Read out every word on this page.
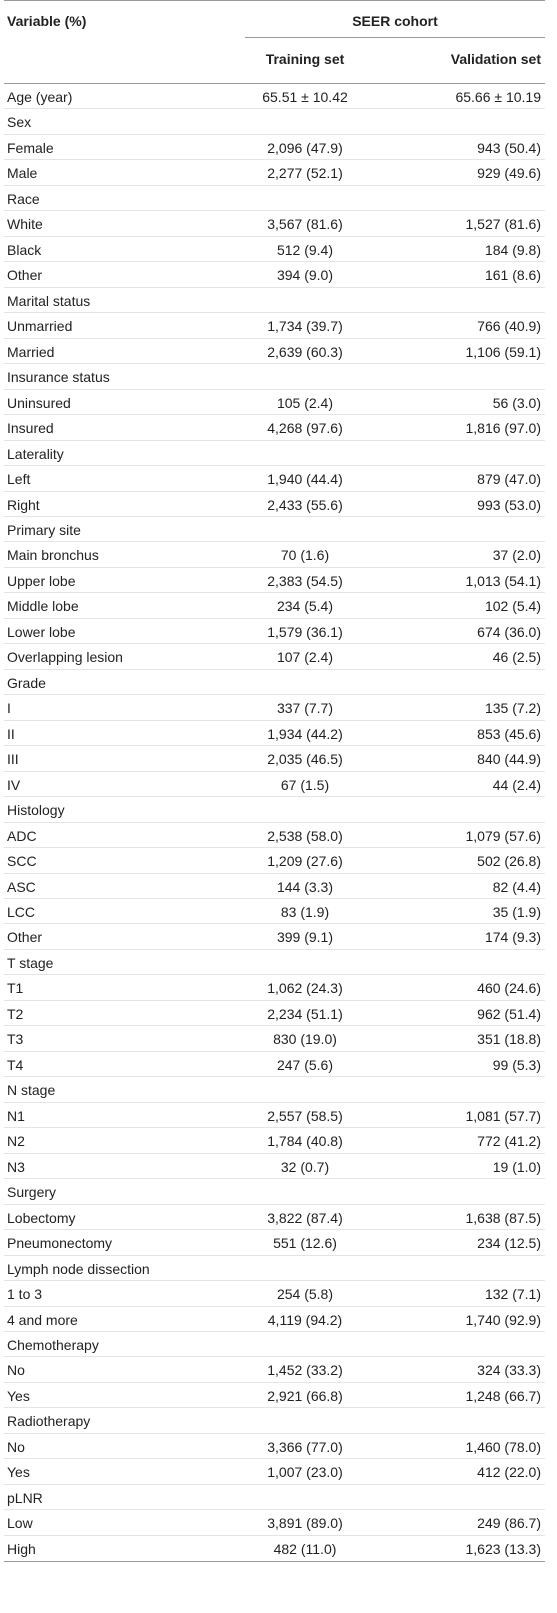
Variable (%)	SEER cohort
Training set	Validation set
Age (year)	65.51 ± 10.42	65.66 ± 10.19
Sex
Female	2,096 (47.9)	943 (50.4)
Male	2,277 (52.1)	929 (49.6)
Race
White	3,567 (81.6)	1,527 (81.6)
Black	512 (9.4)	184 (9.8)
Other	394 (9.0)	161 (8.6)
Marital status
Unmarried	1,734 (39.7)	766 (40.9)
Married	2,639 (60.3)	1,106 (59.1)
Insurance status
Uninsured	105 (2.4)	56 (3.0)
Insured	4,268 (97.6)	1,816 (97.0)
Laterality
Left	1,940 (44.4)	879 (47.0)
Right	2,433 (55.6)	993 (53.0)
Primary site
Main bronchus	70 (1.6)	37 (2.0)
Upper lobe	2,383 (54.5)	1,013 (54.1)
Middle lobe	234 (5.4)	102 (5.4)
Lower lobe	1,579 (36.1)	674 (36.0)
Overlapping lesion	107 (2.4)	46 (2.5)
Grade
I	337 (7.7)	135 (7.2)
II	1,934 (44.2)	853 (45.6)
III	2,035 (46.5)	840 (44.9)
IV	67 (1.5)	44 (2.4)
Histology
ADC	2,538 (58.0)	1,079 (57.6)
SCC	1,209 (27.6)	502 (26.8)
ASC	144 (3.3)	82 (4.4)
LCC	83 (1.9)	35 (1.9)
Other	399 (9.1)	174 (9.3)
T stage
T1	1,062 (24.3)	460 (24.6)
T2	2,234 (51.1)	962 (51.4)
T3	830 (19.0)	351 (18.8)
T4	247 (5.6)	99 (5.3)
N stage
N1	2,557 (58.5)	1,081 (57.7)
N2	1,784 (40.8)	772 (41.2)
N3	32 (0.7)	19 (1.0)
Surgery
Lobectomy	3,822 (87.4)	1,638 (87.5)
Pneumonectomy	551 (12.6)	234 (12.5)
Lymph node dissection
1 to 3	254 (5.8)	132 (7.1)
4 and more	4,119 (94.2)	1,740 (92.9)
Chemotherapy
No	1,452 (33.2)	324 (33.3)
Yes	2,921 (66.8)	1,248 (66.7)
Radiotherapy
No	3,366 (77.0)	1,460 (78.0)
Yes	1,007 (23.0)	412 (22.0)
pLNR
Low	3,891 (89.0)	249 (86.7)
High	482 (11.0)	1,623 (13.3)
